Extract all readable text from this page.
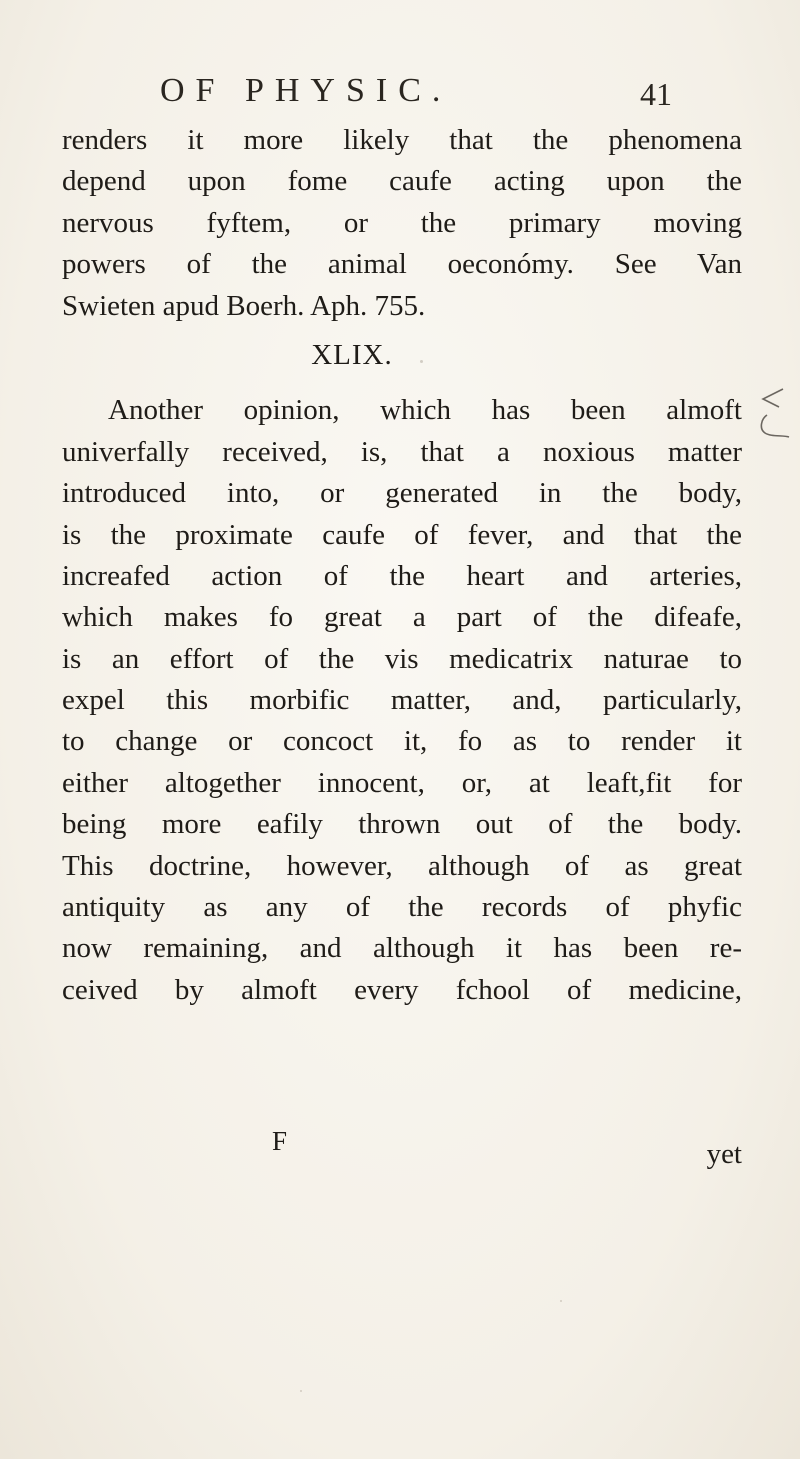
OF PHYSIC.	41
renders it more likely that the phenomena
depend upon fome caufe acting upon the
nervous fyftem, or the primary moving
powers of the animal oeconómy. See Van
Swieten apud Boerh. Aph. 755.
XLIX.
Another opinion, which has been almoft
univerfally received, is, that a noxious matter
introduced into, or generated in the body,
is the proximate caufe of fever, and that the
increafed action of the heart and arteries,
which makes fo great a part of the difeafe,
is an effort of the vis medicatrix naturae to
expel this morbific matter, and, particularly,
to change or concoct it, fo as to render it
either altogether innocent, or, at leaft,fit for
being more eafily thrown out of the body.
This doctrine, however, although of as great
antiquity as any of the records of phyfic
now remaining, and although it has been re-
ceived by almoft every fchool of medicine,
F	yet
